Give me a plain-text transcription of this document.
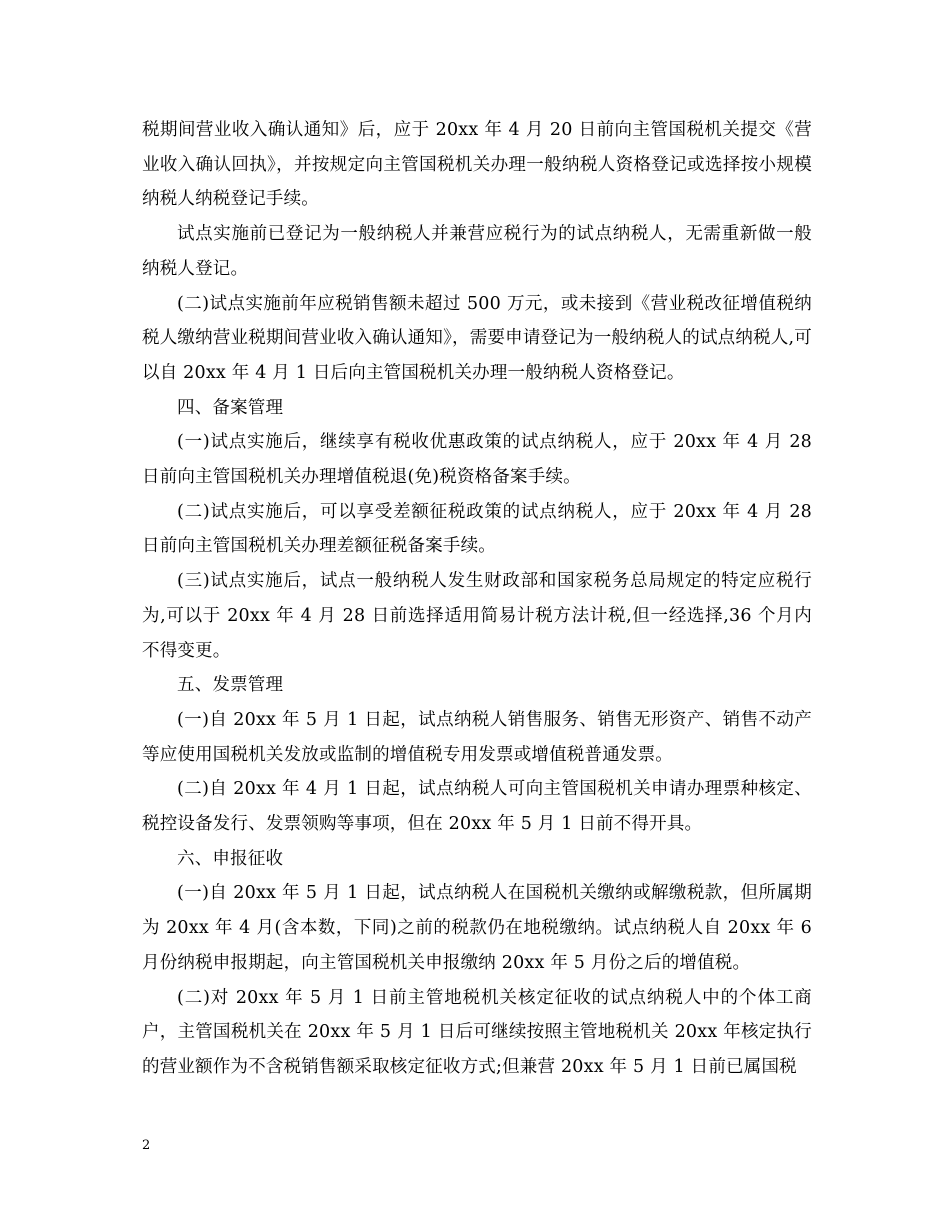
税期间营业收入确认通知》后，应于 20xx 年 4 月 20 日前向主管国税机关提交《营业收入确认回执》，并按规定向主管国税机关办理一般纳税人资格登记或选择按小规模纳税人纳税登记手续。

试点实施前已登记为一般纳税人并兼营应税行为的试点纳税人，无需重新做一般纳税人登记。

(二)试点实施前年应税销售额未超过 500 万元，或未接到《营业税改征增值税纳税人缴纳营业税期间营业收入确认通知》，需要申请登记为一般纳税人的试点纳税人,可以自 20xx 年 4 月 1 日后向主管国税机关办理一般纳税人资格登记。

四、备案管理

(一)试点实施后，继续享有税收优惠政策的试点纳税人，应于 20xx 年 4 月 28 日前向主管国税机关办理增值税退(免)税资格备案手续。

(二)试点实施后，可以享受差额征税政策的试点纳税人，应于 20xx 年 4 月 28 日前向主管国税机关办理差额征税备案手续。

(三)试点实施后，试点一般纳税人发生财政部和国家税务总局规定的特定应税行为,可以于 20xx 年 4 月 28 日前选择适用简易计税方法计税,但一经选择,36 个月内不得变更。

五、发票管理

(一)自 20xx 年 5 月 1 日起，试点纳税人销售服务、销售无形资产、销售不动产等应使用国税机关发放或监制的增值税专用发票或增值税普通发票。

(二)自 20xx 年 4 月 1 日起，试点纳税人可向主管国税机关申请办理票种核定、税控设备发行、发票领购等事项，但在 20xx 年 5 月 1 日前不得开具。

六、申报征收

(一)自 20xx 年 5 月 1 日起，试点纳税人在国税机关缴纳或解缴税款，但所属期为 20xx 年 4 月(含本数，下同)之前的税款仍在地税缴纳。试点纳税人自 20xx 年 6 月份纳税申报期起，向主管国税机关申报缴纳 20xx 年 5 月份之后的增值税。

(二)对 20xx 年 5 月 1 日前主管地税机关核定征收的试点纳税人中的个体工商户，主管国税机关在 20xx 年 5 月 1 日后可继续按照主管地税机关 20xx 年核定执行的营业额作为不含税销售额采取核定征收方式;但兼营 20xx 年 5 月 1 日前已属国税

2
